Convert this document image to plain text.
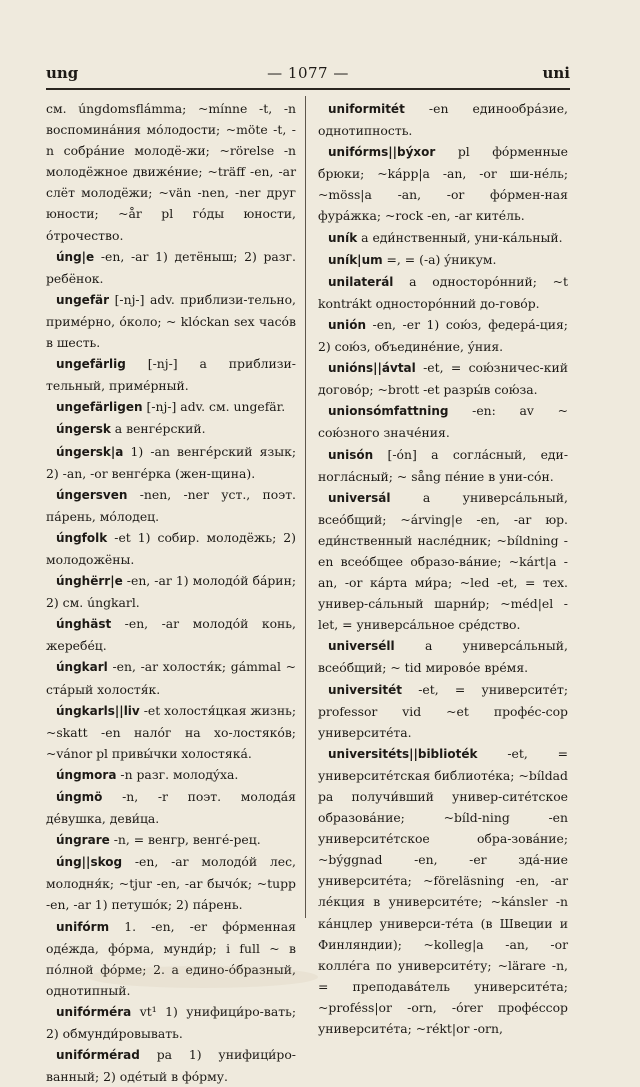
ung	— 1077 —	uni
см. úngdomsflámma; ~mínne -t, -n воспоминáния мóлодости; ~möte -t, -n собрáние молодё-жи; ~rörelse -n молодёжное движéние; ~träff -en, -ar слёт молодёжи; ~vän -nen, -ner друг юности; ~år pl гóды юности, óтрочество.
úng|e -en, -ar 1) детёныш; 2) разг. ребёнок.
ungefär [-nj-] adv. приблизи-тельно, примéрно, óколо; ~ klóckan sex часóв в шесть.
ungefärlig [-nj-] a приблизи-тельный, примéрный.
ungefärligen [-nj-] adv. см. ungefär.
úngersk a венгéрский.
úngersk|a 1) -an венгéрский язык; 2) -an, -or венгéрка (жен-щина).
úngersven -nen, -ner уст., поэт. пáрень, мóлодец.
úngfolk -et 1) собир. молодёжь; 2) молодожёны.
únghërr|e -en, -ar 1) молодóй бáрин; 2) см. úngkarl.
únghäst -en, -ar молодóй конь, жеребéц.
úngkarl -en, -ar холостя́к; gámmal ~ стáрый холостя́к.
úngkarls||liv -et холостя́цкая жизнь; ~skatt -en налóг на хо-лостякóв; ~vánor pl привы́чки холостякá.
úngmora -n разг. молодýха.
úngmö -n, -r поэт. молодáя дéвушка, деви́ца.
úngrare -n, = венгр, венгé-рец.
úng||skog -en, -ar молодóй лес, молодня́к; ~tjur -en, -ar бычóк; ~tupp -en, -ar 1) петушóк; 2) пáрень.
unifórm 1. -en, -er фóрменная одéжда, фóрма, мунди́р; i full ~ в пóлной фóрме; 2. a едино-óбразный, однотипный.
unifórméra vt¹ 1) унифици́ро-вать; 2) обмунди́ровывать.
unifórmérad pa 1) унифици́ро-ванный; 2) одéтый в фóрму.
uniformitét -en единообрáзие, однотипность.
unifórms||býxor pl фóрменные брюки; ~kápp|a -an, -or ши-нéль; ~möss|a -an, -or фóрмен-ная фурáжка; ~rock -en, -ar китéль.
uník a еди́нственный, уни-кáльный.
uník|um =, = (-a) ýникум.
unilaterál a односторóнний; ~t kontrákt односторóнний до-говóр.
unión -en, -er 1) сою́з, федерá-ция; 2) сою́з, объединéние, ýния.
unións||ávtal -et, = сою́зничес-кий договóр; ~brott -et разры́в сою́за.
unionsómfattning -en: av ~ сою́зного значéния.
unisón [-ón] a соглáсный, еди-ноглáсный; ~ sång пéние в уни-сóн.
universál a универсáльный, всеóбщий; ~árving|e -en, -ar юр. еди́нственный наслéдник; ~bíldning -en всеóбщее образо-вáние; ~kárt|a -an, -or кáрта ми́ра; ~led -et, = тех. универ-сáльный шарни́р; ~méd|el -let, = универсáльное срéдство.
universéll a универсáльный, всеóбщий; ~ tid мировóе врéмя.
universitét -et, = университéт; professor vid ~et профéс-сор университéта.
universitéts||biblioték -et, = университéтская библиотéка; ~bíldad pa получи́вший универ-ситéтское образовáние; ~bíld-ning -en университéтское обра-зовáние; ~býggnad -en, -er здá-ние университéта; ~föreläsning -en, -ar лéкция в университéте; ~kánsler -n кáнцлер универси-тéта (в Швеции и Финляндии); ~kolleg|a -an, -or коллéга по университéту; ~lärare -n, = преподавáтель университéта; ~proféss|or -orn, -órer профéссор университéта; ~rékt|or -orn,
